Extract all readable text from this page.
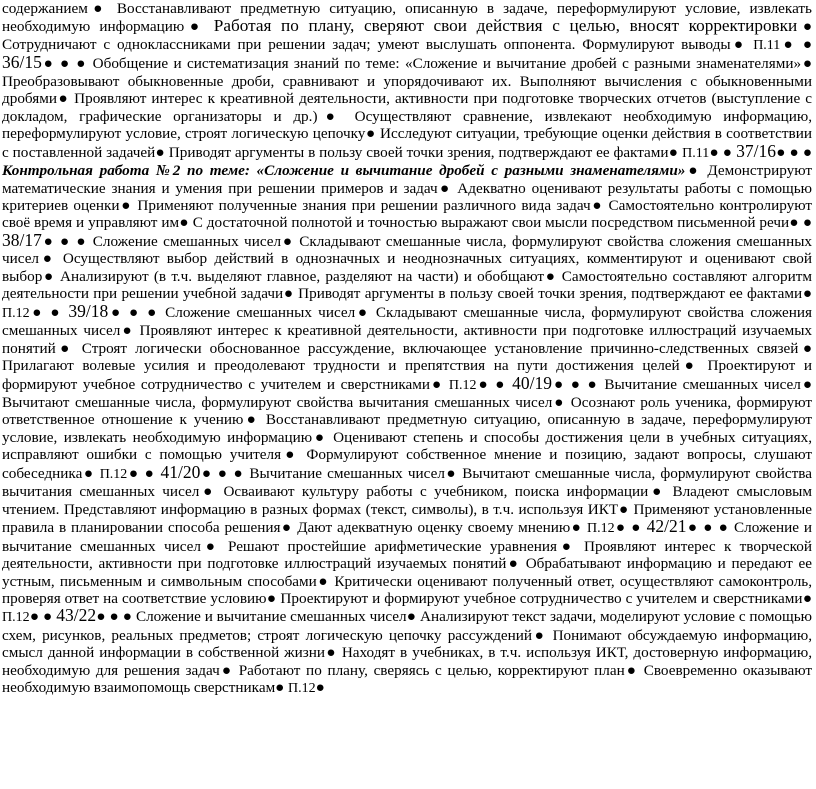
содержанием● Восстанавливают предметную ситуацию, описанную в задаче, переформулируют условие, извлекать необходимую информацию● Работая по плану, сверяют свои действия с целью, вносят корректировки● Сотрудничают с одноклассниками при решении задач; умеют выслушать оппонента. Формулируют выводы● П.11● ● 36/15● ● ● Обобщение и систематизация знаний по теме: «Сложение и вычитание дробей с разными знаменателями»● Преобразовывают обыкновенные дроби, сравнивают и упорядочивают их. Выполняют вычисления с обыкновенными дробями● Проявляют интерес к креативной деятельности, активности при подготовке творческих отчетов (выступление с докладом, графические организаторы и др.)● Осуществляют сравнение, извлекают необходимую информацию, переформулируют условие, строят логическую цепочку● Исследуют ситуации, требующие оценки действия в соответствии с поставленной задачей● Приводят аргументы в пользу своей точки зрения, подтверждают ее фактами● П.11● ● 37/16● ● ● Контрольная работа №2 по теме: «Сложение и вычитание дробей с разными знаменателями»● Демонстрируют математические знания и умения при решении примеров и задач● Адекватно оценивают результаты работы с помощью критериев оценки● Применяют полученные знания при решении различного вида задач● Самостоятельно контролируют своё время и управляют им● С достаточной полнотой и точностью выражают свои мысли посредством письменной речи● ● 38/17● ● ● Сложение смешанных чисел● Складывают смешанные числа, формулируют свойства сложения смешанных чисел● Осуществляют выбор действий в однозначных и неоднозначных ситуациях, комментируют и оценивают свой выбор● Анализируют (в т.ч. выделяют главное, разделяют на части) и обобщают● Самостоятельно составляют алгоритм деятельности при решении учебной задачи● Приводят аргументы в пользу своей точки зрения, подтверждают ее фактами● П.12● ● 39/18● ● ● Сложение смешанных чисел● Складывают смешанные числа, формулируют свойства сложения смешанных чисел● Проявляют интерес к креативной деятельности, активности при подготовке иллюстраций изучаемых понятий● Строят логически обоснованное рассуждение, включающее установление причинно-следственных связей● Прилагают волевые усилия и преодолевают трудности и препятствия на пути достижения целей● Проектируют и формируют учебное сотрудничество с учителем и сверстниками● П.12● ● 40/19● ● ● Вычитание смешанных чисел● Вычитают смешанные числа, формулируют свойства вычитания смешанных чисел● Осознают роль ученика, формируют ответственное отношение к учению● Восстанавливают предметную ситуацию, описанную в задаче, переформулируют условие, извлекать необходимую информацию● Оценивают степень и способы достижения цели в учебных ситуациях, исправляют ошибки с помощью учителя● Формулируют собственное мнение и позицию, задают вопросы, слушают собеседника● П.12● ● 41/20● ● ● Вычитание смешанных чисел● Вычитают смешанные числа, формулируют свойства вычитания смешанных чисел● Осваивают культуру работы с учебником, поиска информации● Владеют смысловым чтением. Представляют информацию в разных формах (текст, символы), в т.ч. используя ИКТ● Применяют установленные правила в планировании способа решения● Дают адекватную оценку своему мнению● П.12● ● 42/21● ● ● Сложение и вычитание смешанных чисел● Решают простейшие арифметические уравнения● Проявляют интерес к творческой деятельности, активности при подготовке иллюстраций изучаемых понятий● Обрабатывают информацию и передают ее устным, письменным и символьным способами● Критически оценивают полученный ответ, осуществляют самоконтроль, проверяя ответ на соответствие условию● Проектируют и формируют учебное сотрудничество с учителем и сверстниками● П.12● ● 43/22● ● ● Сложение и вычитание смешанных чисел● Анализируют текст задачи, моделируют условие с помощью схем, рисунков, реальных предметов; строят логическую цепочку рассуждений● Понимают обсуждаемую информацию, смысл данной информации в собственной жизни● Находят в учебниках, в т.ч. используя ИКТ, достоверную информацию, необходимую для решения задач● Работают по плану, сверяясь с целью, корректируют план● Своевременно оказывают необходимую взаимопомощь сверстникам● П.12●
